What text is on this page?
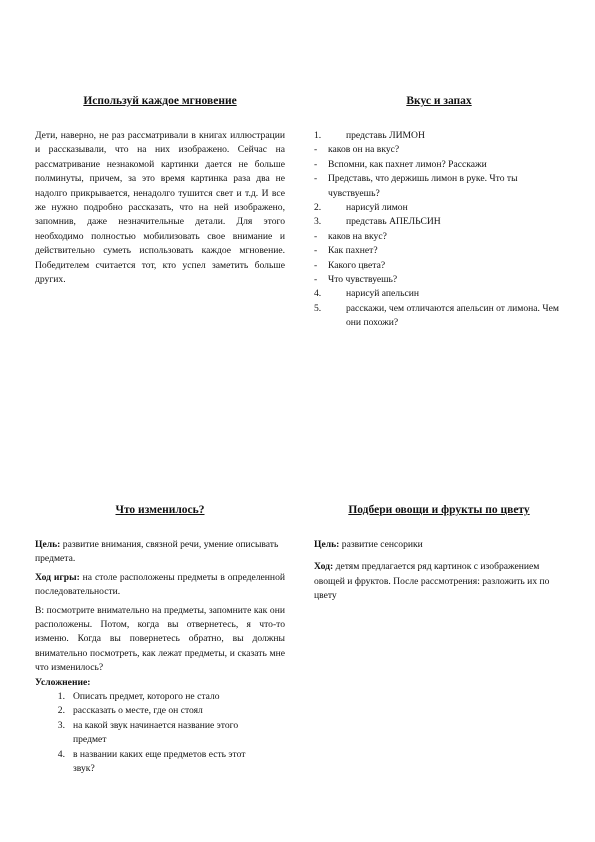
Используй каждое мгновение

Дети, наверно, не раз рассматривали в книгах иллюстрации и рассказывали, что на них изображено. Сейчас на рассматривание незнакомой картинки дается не больше полминуты, причем, за это время картинка раза два не надолго прикрывается, ненадолго тушится свет и т.д. И все же нужно подробно рассказать, что на ней изображено, запомнив, даже незначительные детали. Для этого необходимо полностью мобилизовать свое внимание и действительно суметь использовать каждое мгновение. Победителем считается тот, кто успел заметить больше других.

Вкус и запах
1.	представь ЛИМОН
-	каков он на вкус?
-	Вспомни, как пахнет лимон? Расскажи
-	Представь, что держишь лимон в руке. Что ты чувствуешь?
2.	нарисуй лимон
3.	представь АПЕЛЬСИН
-	каков на вкус?
-	Как пахнет?
-	Какого цвета?
-	Что чувствуешь?
4.	нарисуй апельсин
5.	расскажи, чем отличаются апельсин от лимона. Чем они похожи?
Что изменилось?

Цель: развитие внимания, связной речи, умение описывать предмета.

Ход игры: на столе расположены предметы в определенной последовательности.

В: посмотрите внимательно на предметы, запомните как они расположены. Потом, когда вы отвернетесь, я что-то изменю. Когда вы повернетесь обратно, вы должны внимательно посмотреть, как лежат предметы, и сказать мне что изменилось?

Усложнение:

1. Описать предмет, которого не стало
2. рассказать о месте, где он стоял
3. на какой звук начинается название этого предмет
4. в названии каких еще предметов есть этот звук?
Подбери овощи и фрукты по цвету

Цель: развитие сенсорики

Ход: детям предлагается ряд картинок с изображением овощей и фруктов. После рассмотрения: разложить их по цвету
